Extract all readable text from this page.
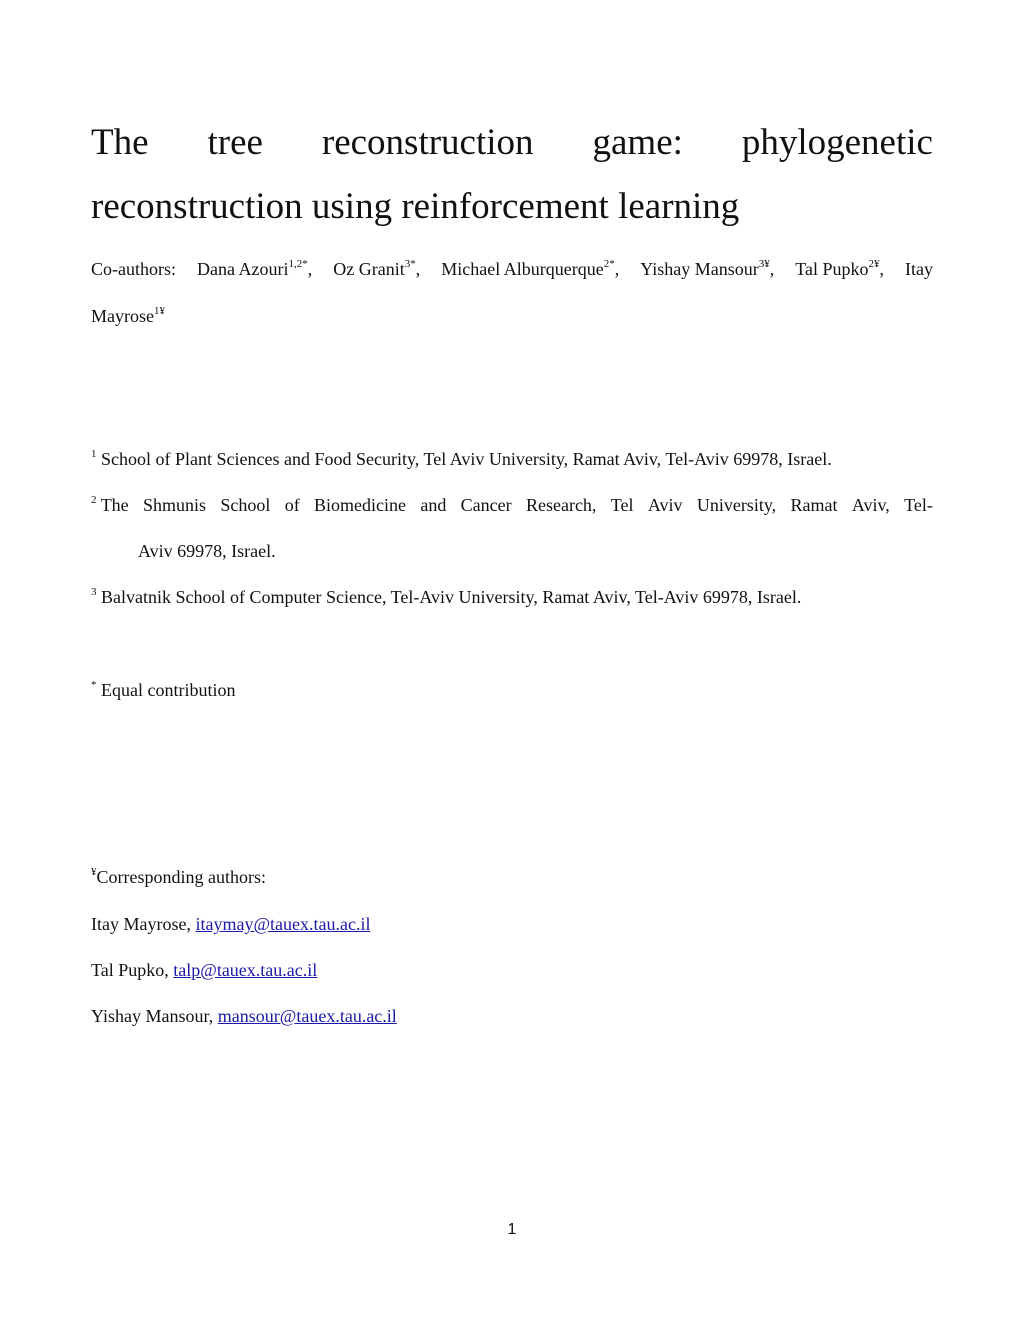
The tree reconstruction game: phylogenetic
reconstruction using reinforcement learning
Co-authors: Dana Azouri$^{1,2*}$, Oz Granit$^{3*}$, Michael Alburquerque$^{2*}$, Yishay Mansour$^{3¥}$, Tal Pupko$^{2¥}$, Itay
Mayrose$^{1¥}$
$^1$ School of Plant Sciences and Food Security, Tel Aviv University, Ramat Aviv, Tel-Aviv 69978, Israel.
$^2$ The Shmunis School of Biomedicine and Cancer Research, Tel Aviv University, Ramat Aviv, Tel-
Aviv 69978, Israel.
$^3$ Balvatnik School of Computer Science, Tel-Aviv University, Ramat Aviv, Tel-Aviv 69978, Israel.
* Equal contribution
¥Corresponding authors:
Itay Mayrose, itaymay@tauex.tau.ac.il
Tal Pupko, talp@tauex.tau.ac.il
Yishay Mansour, mansour@tauex.tau.ac.il
1
